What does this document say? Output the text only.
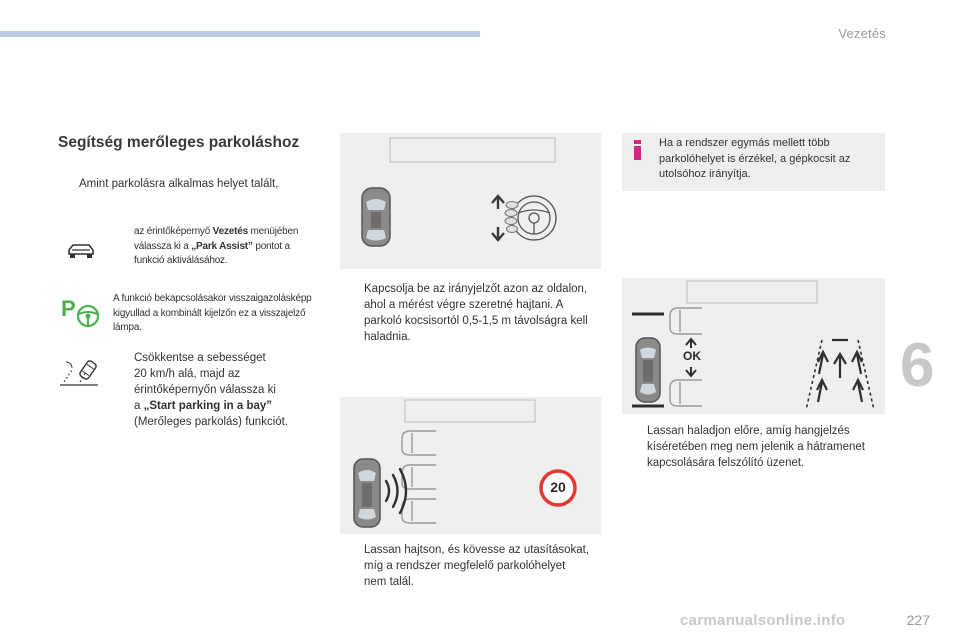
Vezetés
6
Segítség merőleges parkoláshoz
Amint parkolásra alkalmas helyet talált,
az érintőképernyő Vezetés menüjében válassza ki a „Park Assist” pontot a funkció aktiválásához.
P	A funkció bekapcsolásakor visszaigazolásképp kigyullad a kombinált kijelzőn ez a visszajelző lámpa.
Csökkentse a sebességet
20 km/h alá, majd az
érintőképernyőn válassza ki
a „Start parking in a bay”
(Merőleges parkolás) funkciót.
Kapcsolja be az irányjelzőt azon az oldalon, ahol a mérést végre szeretné hajtani. A parkoló kocsisortól 0,5-1,5 m távolságra kell haladnia.
20
Lassan hajtson, és kövesse az utasításokat, míg a rendszer megfelelő parkolóhelyet nem talál.
Ha a rendszer egymás mellett több parkolóhelyet is érzékel, a gépkocsit az utolsóhoz irányítja.
OK
Lassan haladjon előre, amíg hangjelzés kíséretében meg nem jelenik a hátramenet kapcsolására felszólító üzenet.
carmanualsonline.info	227
